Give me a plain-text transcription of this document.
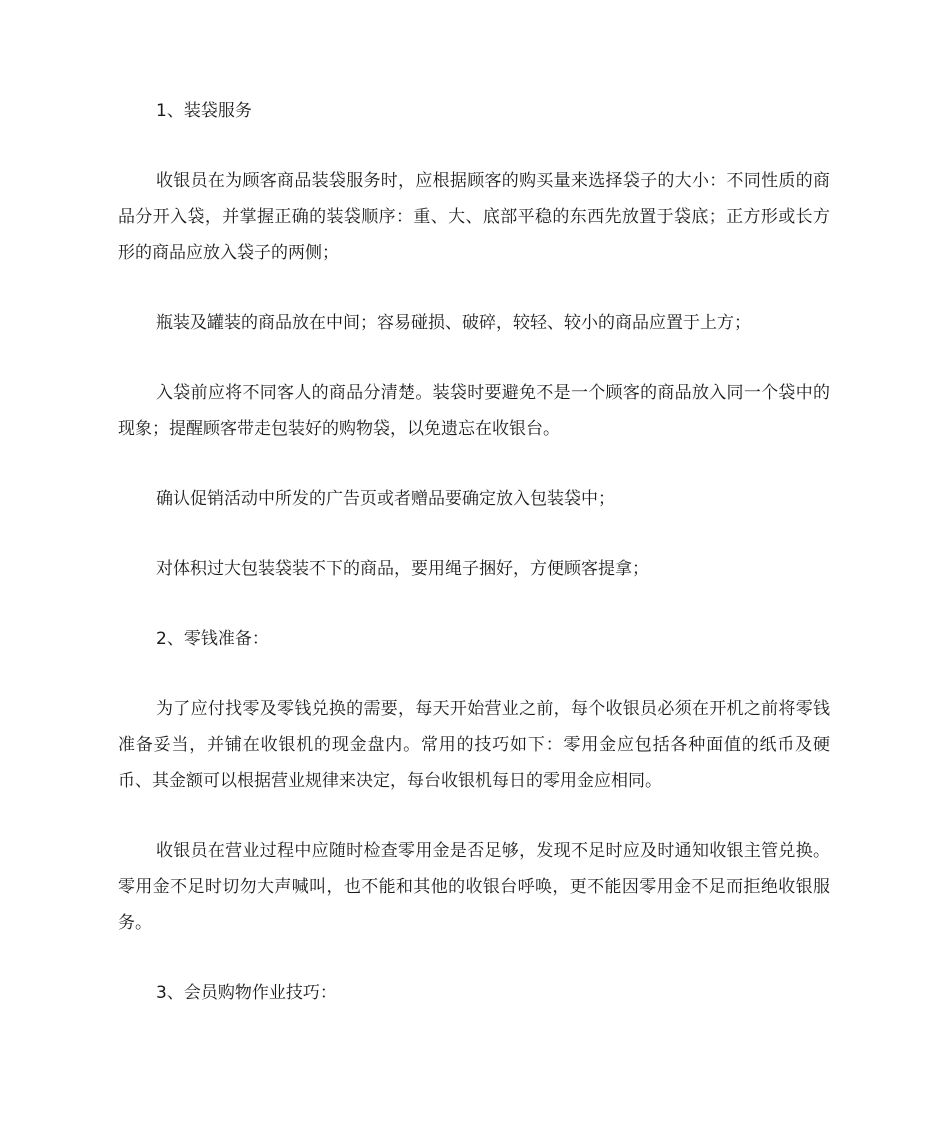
1、装袋服务

收银员在为顾客商品装袋服务时，应根据顾客的购买量来选择袋子的大小：不同性质的商品分开入袋，并掌握正确的装袋顺序：重、大、底部平稳的东西先放置于袋底；正方形或长方形的商品应放入袋子的两侧；

瓶装及罐装的商品放在中间；容易碰损、破碎，较轻、较小的商品应置于上方；

入袋前应将不同客人的商品分清楚。装袋时要避免不是一个顾客的商品放入同一个袋中的现象；提醒顾客带走包装好的购物袋，以免遗忘在收银台。

确认促销活动中所发的广告页或者赠品要确定放入包装袋中；

对体积过大包装袋装不下的商品，要用绳子捆好，方便顾客提拿；

2、零钱准备：

为了应付找零及零钱兑换的需要，每天开始营业之前，每个收银员必须在开机之前将零钱准备妥当，并铺在收银机的现金盘内。常用的技巧如下：零用金应包括各种面值的纸币及硬币、其金额可以根据营业规律来决定，每台收银机每日的零用金应相同。

收银员在营业过程中应随时检查零用金是否足够，发现不足时应及时通知收银主管兑换。零用金不足时切勿大声喊叫，也不能和其他的收银台呼唤，更不能因零用金不足而拒绝收银服务。

3、会员购物作业技巧：
